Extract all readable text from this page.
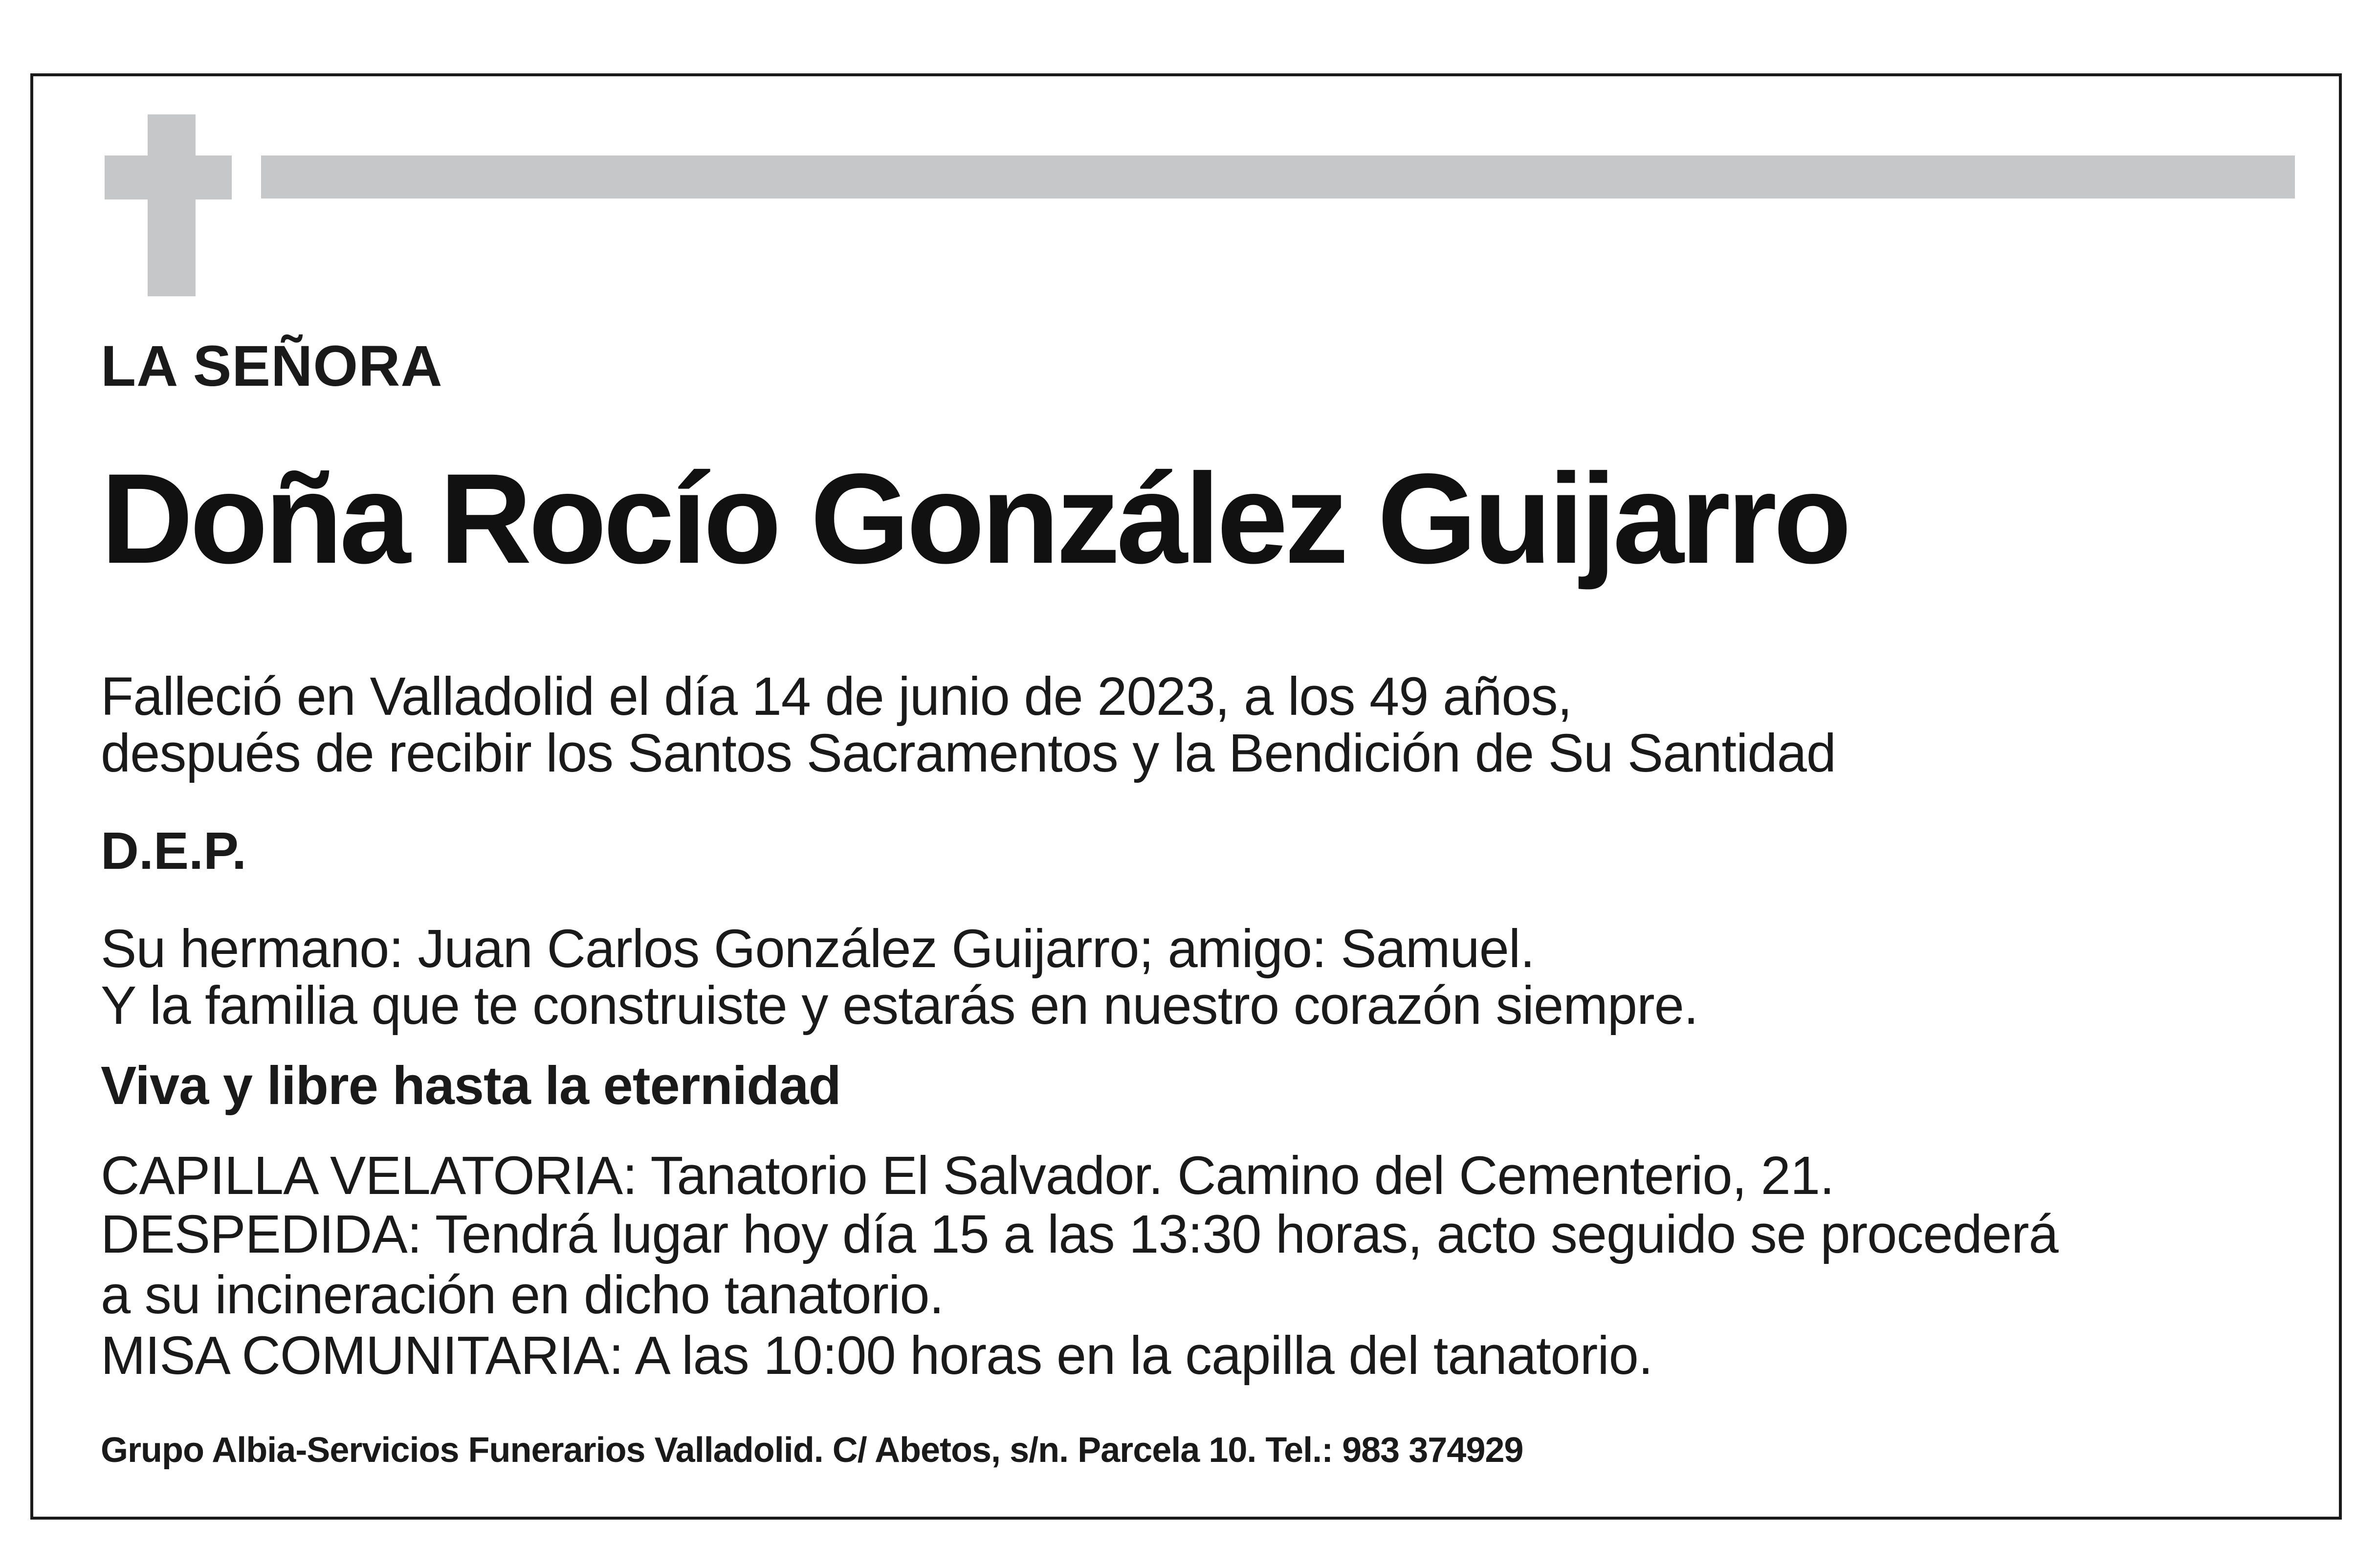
LA SEÑORA

Doña Rocío González Guijarro

Falleció en Valladolid el día 14 de junio de 2023, a los 49 años,

después de recibir los Santos Sacramentos y la Bendición de Su Santidad

D.E.P.

Su hermano: Juan Carlos González Guijarro; amigo: Samuel.

Y la familia que te construiste y estarás en nuestro corazón siempre.

Viva y libre hasta la eternidad

CAPILLA VELATORIA: Tanatorio El Salvador. Camino del Cementerio, 21.

DESPEDIDA: Tendrá lugar hoy día 15 a las 13:30 horas, acto seguido se procederá

a su incineración en dicho tanatorio.

MISA COMUNITARIA: A las 10:00 horas en la capilla del tanatorio.

Grupo Albia-Servicios Funerarios Valladolid. C/ Abetos, s/n. Parcela 10. Tel.: 983 374929
